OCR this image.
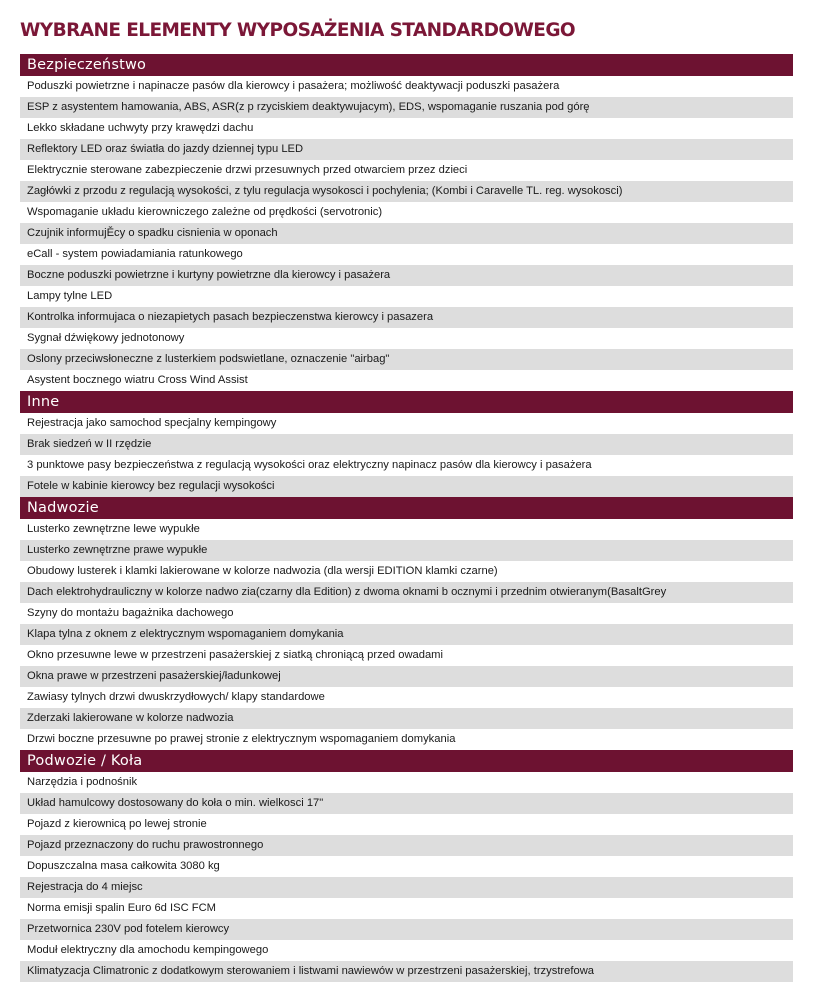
WYBRANE ELEMENTY WYPOSAŻENIA STANDARDOWEGO
Bezpieczeństwo
Poduszki powietrzne i napinacze pasów dla kierowcy i pasażera; możliwość deaktywacji poduszki pasażera
ESP z asystentem hamowania, ABS, ASR(z p rzyciskiem deaktywujacym), EDS, wspomaganie ruszania pod górę
Lekko składane uchwyty przy krawędzi dachu
Reflektory LED oraz światła do jazdy dziennej typu LED
Elektrycznie sterowane zabezpieczenie drzwi przesuwnych przed otwarciem przez dzieci
Zagłówki z przodu z regulacją wysokości, z tylu regulacja wysokosci i pochylenia; (Kombi i Caravelle TL. reg. wysokosci)
Wspomaganie układu kierowniczego zależne od prędkości (servotronic)
Czujnik informujĚcy o spadku cisnienia w oponach
eCall - system powiadamiania ratunkowego
Boczne poduszki powietrzne i kurtyny powietrzne dla kierowcy i pasażera
Lampy tylne LED
Kontrolka informujaca o niezapietych pasach bezpieczenstwa kierowcy i pasazera
Sygnał dźwiękowy jednotonowy
Oslony przeciwsłoneczne z lusterkiem podswietlane, oznaczenie "airbag"
Asystent bocznego wiatru Cross Wind Assist
Inne
Rejestracja jako samochod specjalny kempingowy
Brak siedzeń w II rzędzie
3 punktowe pasy bezpieczeństwa z regulacją wysokości oraz elektryczny napinacz pasów dla kierowcy i pasażera
Fotele w kabinie kierowcy bez regulacji wysokości
Nadwozie
Lusterko zewnętrzne lewe wypukłe
Lusterko zewnętrzne prawe wypukłe
Obudowy lusterek i klamki lakierowane w kolorze nadwozia (dla wersji EDITION klamki czarne)
Dach elektrohydrauliczny w kolorze nadwo zia(czarny dla Edition) z dwoma oknami b ocznymi i przednim otwieranym(BasaltGrey
Szyny do montażu bagażnika dachowego
Klapa tylna z oknem z elektrycznym wspomaganiem domykania
Okno przesuwne lewe w przestrzeni pasażerskiej z siatką chroniącą przed owadami
Okna prawe w przestrzeni pasażerskiej/ładunkowej
Zawiasy tylnych drzwi dwuskrzydłowych/ klapy standardowe
Zderzaki lakierowane w kolorze nadwozia
Drzwi boczne przesuwne po prawej stronie z elektrycznym wspomaganiem domykania
Podwozie / Koła
Narzędzia i podnośnik
Układ hamulcowy dostosowany do koła o min. wielkosci 17"
Pojazd z kierownicą po lewej stronie
Pojazd przeznaczony do ruchu prawostronnego
Dopuszczalna masa całkowita 3080 kg
Rejestracja do 4 miejsc
Norma emisji spalin Euro 6d ISC FCM
Przetwornica 230V pod fotelem kierowcy
Moduł elektryczny dla amochodu kempingowego
Klimatyzacja Climatronic z dodatkowym sterowaniem i listwami nawiewów w przestrzeni pasażerskiej, trzystrefowa
